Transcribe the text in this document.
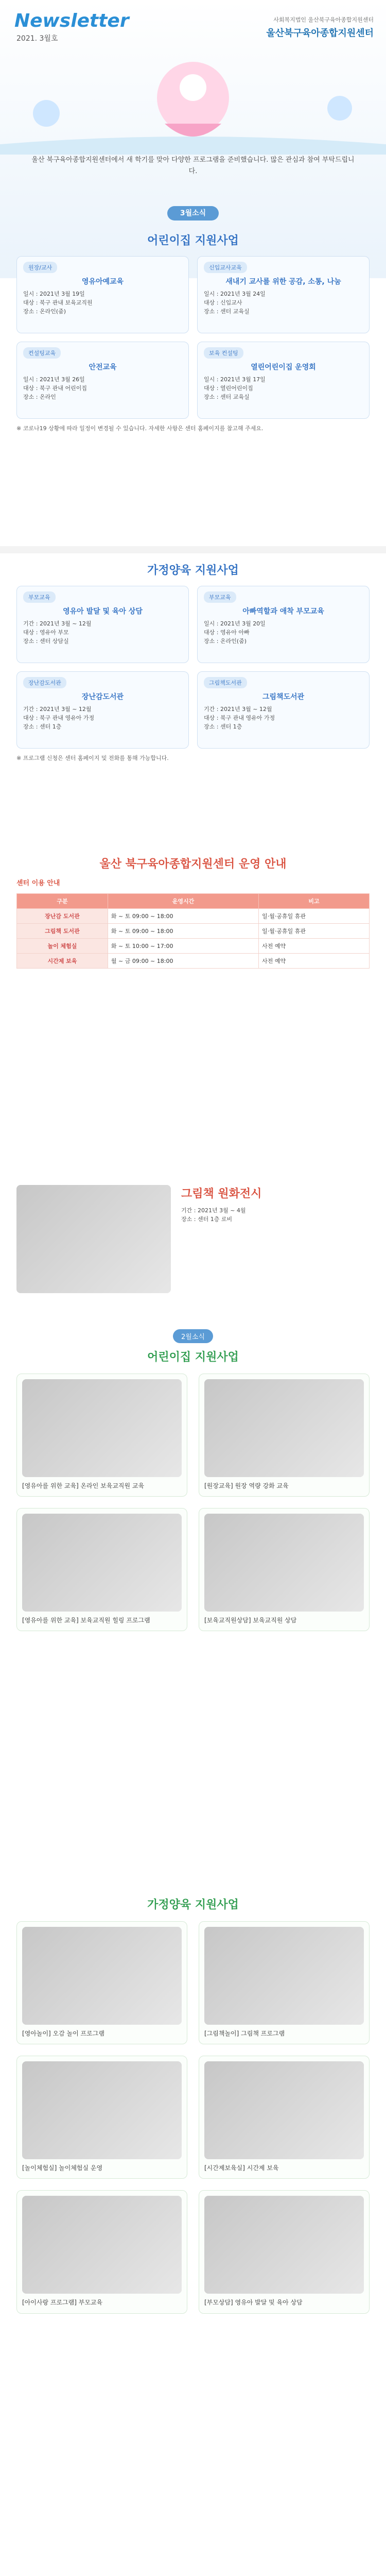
Newsletter
2021. 3월호
사회복지법인 울산북구육아종합지원센터
울산북구육아종합지원센터
울산 북구육아종합지원센터에서 새 학기를 맞아 다양한 프로그램을 준비했습니다. 많은 관심과 참여 부탁드립니다.
3월소식
어린이집 지원사업
원장/교사
영유아예교육
일시 : 2021년 3월 19일
대상 : 북구 관내 보육교직원
장소 : 온라인(줌)
신입교사교육
새내기 교사를 위한 공감, 소통, 나눔
일시 : 2021년 3월 24일
대상 : 신입교사
장소 : 센터 교육실
컨설팅교육
안전교육
일시 : 2021년 3월 26일
대상 : 북구 관내 어린이집
장소 : 온라인
보육 컨설팅
열린어린이집 운영회
일시 : 2021년 3월 17일
대상 : 열린어린이집
장소 : 센터 교육실
※ 코로나19 상황에 따라 일정이 변경될 수 있습니다. 자세한 사항은 센터 홈페이지를 참고해 주세요.
가정양육 지원사업
부모교육
영유아 발달 및 육아 상담
기간 : 2021년 3월 ~ 12월
대상 : 영유아 부모
장소 : 센터 상담실
부모교육
아빠역할과 애착 부모교육
일시 : 2021년 3월 20일
대상 : 영유아 아빠
장소 : 온라인(줌)
장난감도서관
장난감도서관
기간 : 2021년 3월 ~ 12월
대상 : 북구 관내 영유아 가정
장소 : 센터 1층
그림책도서관
그림책도서관
기간 : 2021년 3월 ~ 12월
대상 : 북구 관내 영유아 가정
장소 : 센터 1층
※ 프로그램 신청은 센터 홈페이지 및 전화를 통해 가능합니다.
울산 북구육아종합지원센터 운영 안내
센터 이용 안내
구분	운영시간	비고
장난감 도서관	화 ~ 토 09:00 ~ 18:00	일·월·공휴일 휴관
그림책 도서관	화 ~ 토 09:00 ~ 18:00	일·월·공휴일 휴관
놀이 체험실	화 ~ 토 10:00 ~ 17:00	사전 예약
시간제 보육	월 ~ 금 09:00 ~ 18:00	사전 예약
그림책 원화전시
기간 : 2021년 3월 ~ 4월
장소 : 센터 1층 로비
2월소식
어린이집 지원사업
[영유아를 위한 교육] 온라인 보육교직원 교육	[원장교육] 원장 역량 강화 교육
[영유아를 위한 교육] 보육교직원 힐링 프로그램	[보육교직원상담] 보육교직원 상담
가정양육 지원사업
[영아놀이] 오감 놀이 프로그램	[그림책놀이] 그림책 프로그램
[놀이체험실] 놀이체험실 운영	[시간제보육실] 시간제 보육
[아이사랑 프로그램] 부모교육	[부모상담] 영유아 발달 및 육아 상담
